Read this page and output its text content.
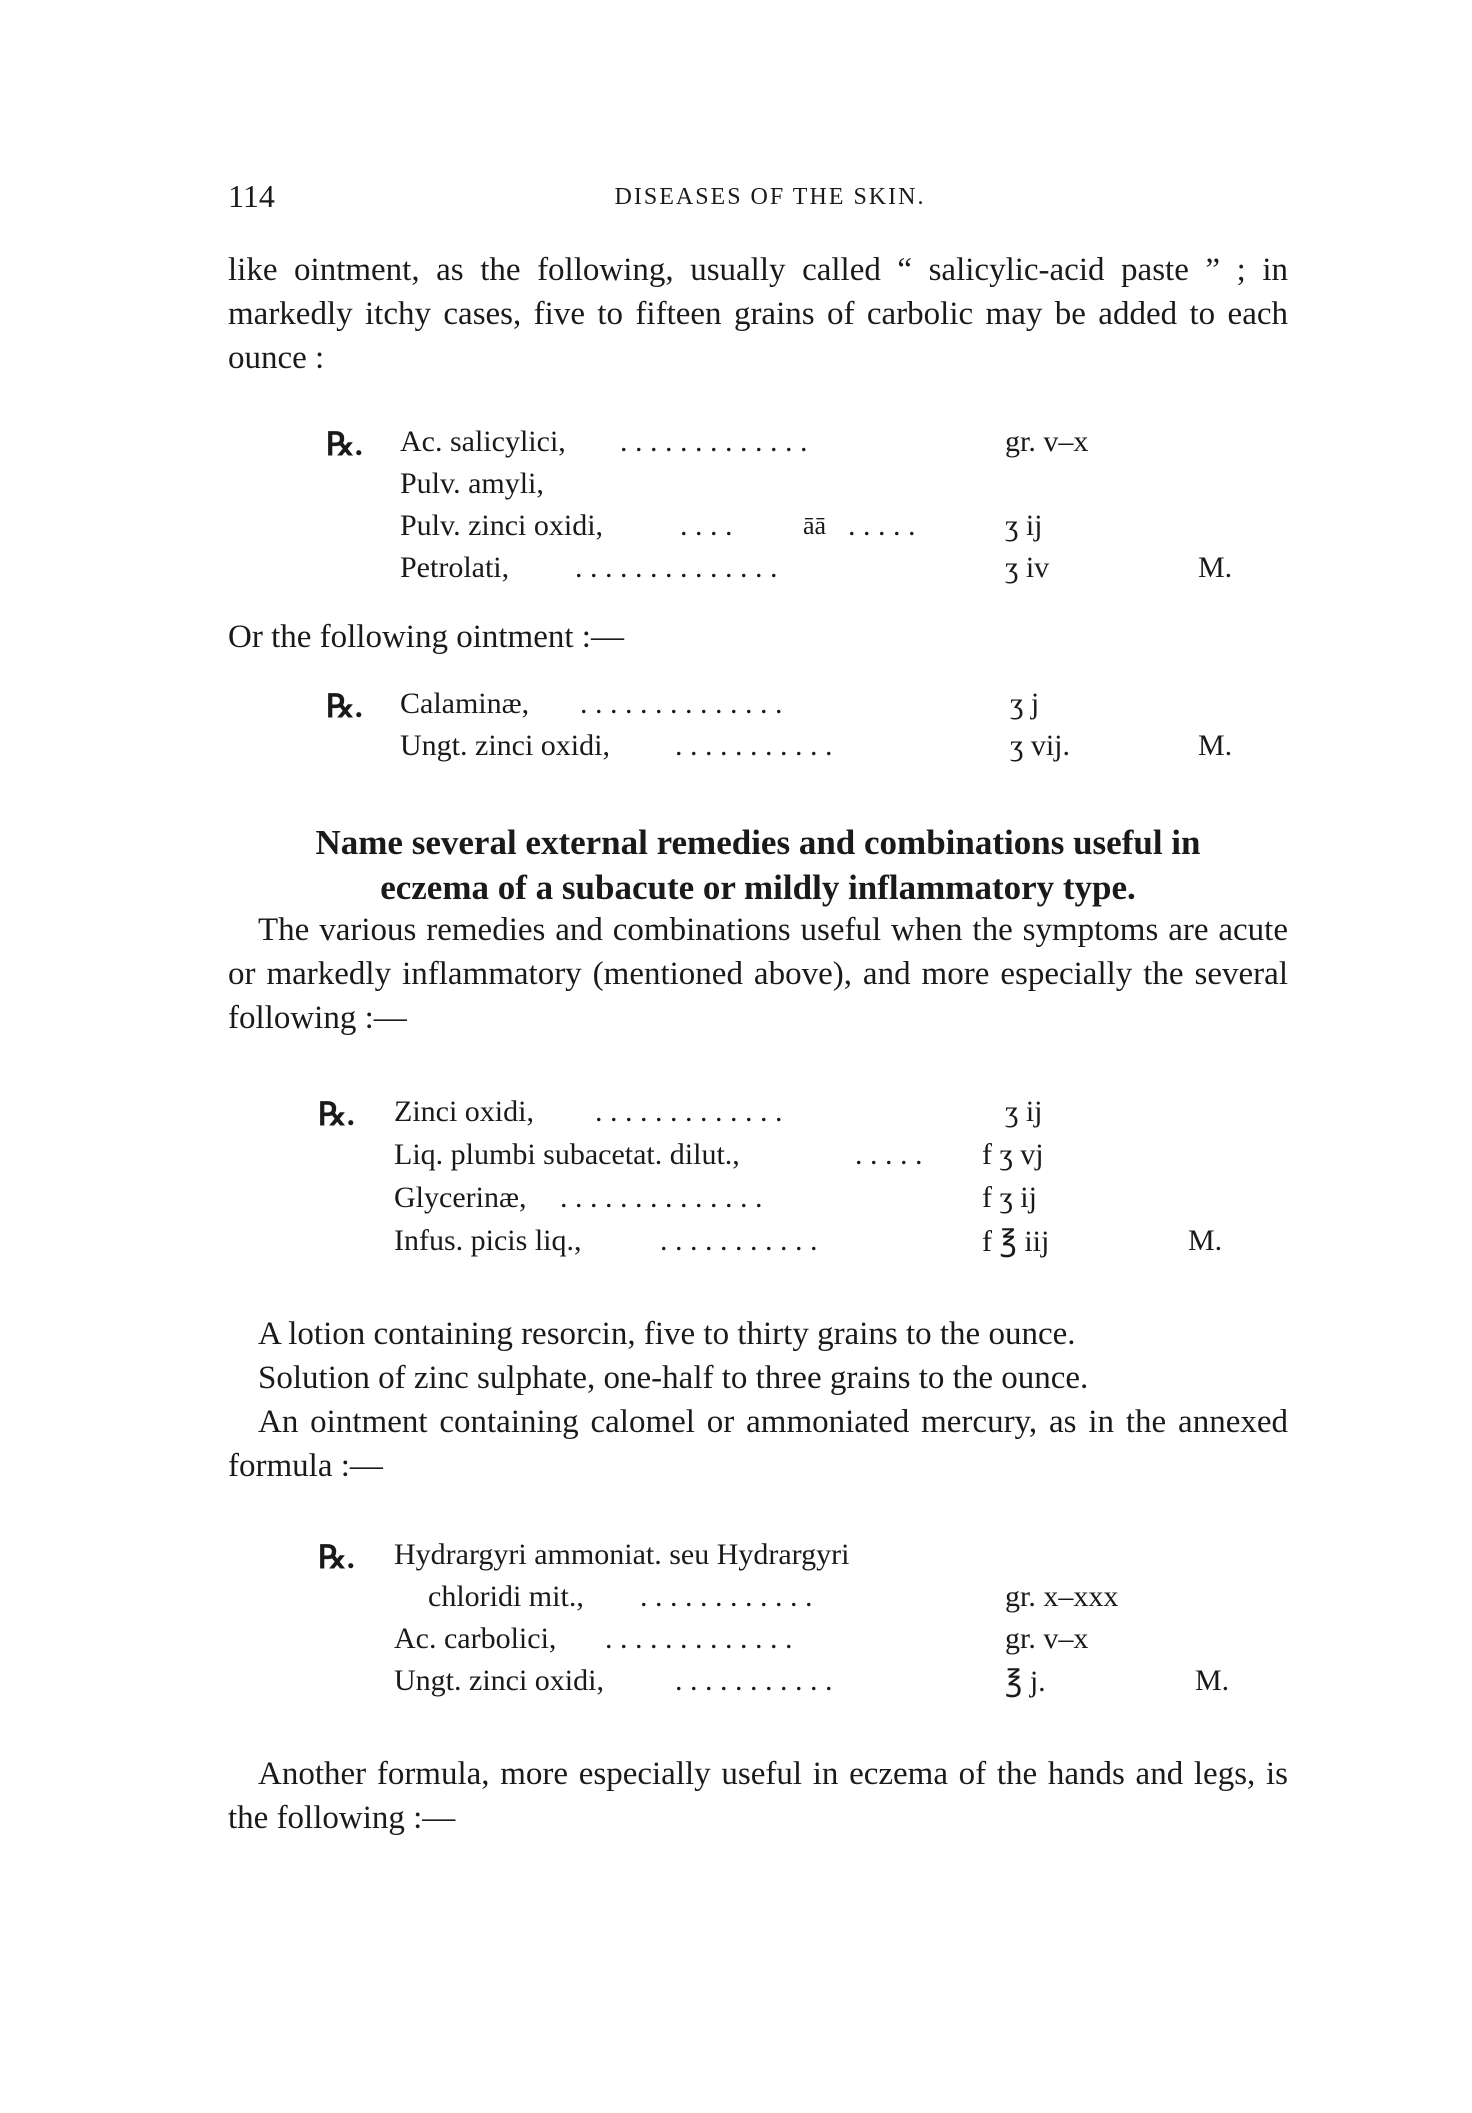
114	DISEASES OF THE SKIN.
like ointment, as the following, usually called “ salicylic-acid paste ” ; in markedly itchy cases, five to fifteen grains of carbolic may be added to each ounce :
℞. Ac. salicylici, . . . . . . . . . . . . .	gr. v–x
Pulv. amyli,
Pulv. zinci oxidi,	. . . .	āā . . . . .	ʒ ij
Petrolati, . . . . . . . . . . . . . .	ʒ iv	M.
Or the following ointment :—
℞. Calaminæ, . . . . . . . . . . . . . .	ʒ j
Ungt. zinci oxidi, . . . . . . . . . . .	ʒ vij.	M.
Name several external remedies and combinations useful in
eczema of a subacute or mildly inflammatory type.
The various remedies and combinations useful when the symptoms are acute or markedly inflammatory (mentioned above), and more especially the several following :—
℞. Zinci oxidi, . . . . . . . . . . . . .	ʒ ij
Liq. plumbi subacetat. dilut.,	. . . . . f ʒ vj
Glycerinæ, . . . . . . . . . . . . . .	f ʒ ij
Infus. picis liq.,	. . . . . . . . . . .	f ℥ iij	M.
A lotion containing resorcin, five to thirty grains to the ounce.
Solution of zinc sulphate, one-half to three grains to the ounce.
An ointment containing calomel or ammoniated mercury, as in the annexed formula :—
℞. Hydrargyri ammoniat. seu Hydrargyri
chloridi mit., . . . . . . . . . . . .	gr. x–xxx
Ac. carbolici, . . . . . . . . . . . . .	gr. v–x
Ungt. zinci oxidi, . . . . . . . . . . .	℥ j.	M.
Another formula, more especially useful in eczema of the hands and legs, is the following :—
